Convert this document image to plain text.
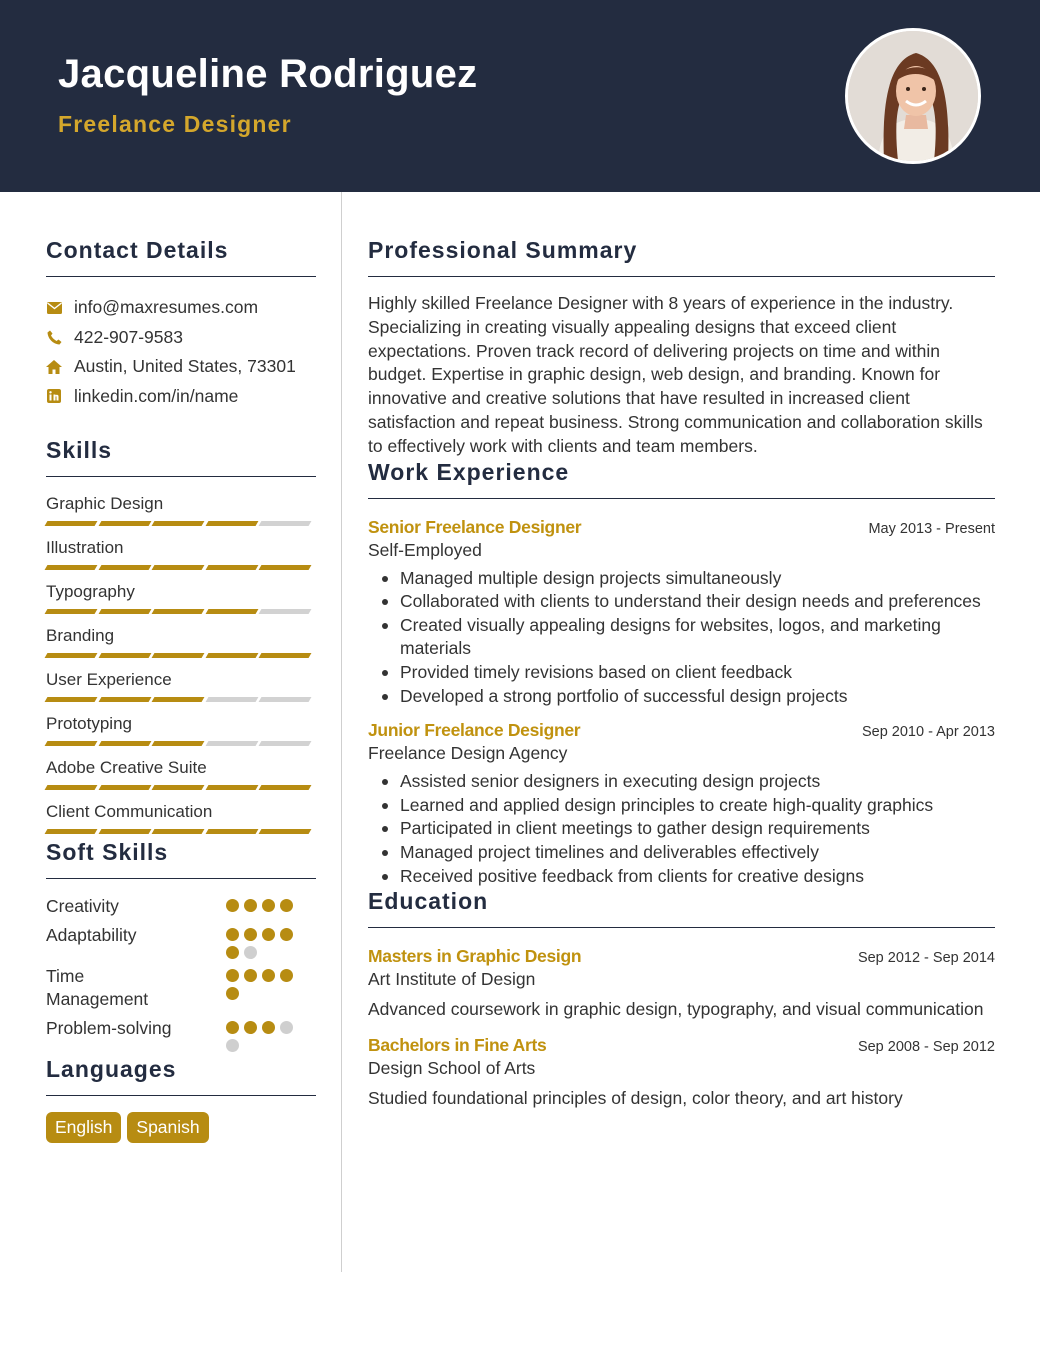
Jacqueline Rodriguez
Freelance Designer
Contact Details
info@maxresumes.com
422-907-9583
Austin, United States, 73301
linkedin.com/in/name
Skills
Graphic Design
Illustration
Typography
Branding
User Experience
Prototyping
Adobe Creative Suite
Client Communication
Soft Skills
Creativity
Adaptability
Time Management
Problem-solving
Languages
English	Spanish
Professional Summary

Highly skilled Freelance Designer with 8 years of experience in the industry. Specializing in creating visually appealing designs that exceed client expectations. Proven track record of delivering projects on time and within budget. Expertise in graphic design, web design, and branding. Known for innovative and creative solutions that have resulted in increased client satisfaction and repeat business. Strong communication and collaboration skills to effectively work with clients and team members.

Work Experience
Senior Freelance Designer	May 2013 - Present
Self-Employed
Managed multiple design projects simultaneously
Collaborated with clients to understand their design needs and preferences
Created visually appealing designs for websites, logos, and marketing materials
Provided timely revisions based on client feedback
Developed a strong portfolio of successful design projects
Junior Freelance Designer	Sep 2010 - Apr 2013
Freelance Design Agency
Assisted senior designers in executing design projects
Learned and applied design principles to create high-quality graphics
Participated in client meetings to gather design requirements
Managed project timelines and deliverables effectively
Received positive feedback from clients for creative designs
Education
Masters in Graphic Design	Sep 2012 - Sep 2014
Art Institute of Design
Advanced coursework in graphic design, typography, and visual communication
Bachelors in Fine Arts	Sep 2008 - Sep 2012
Design School of Arts
Studied foundational principles of design, color theory, and art history
